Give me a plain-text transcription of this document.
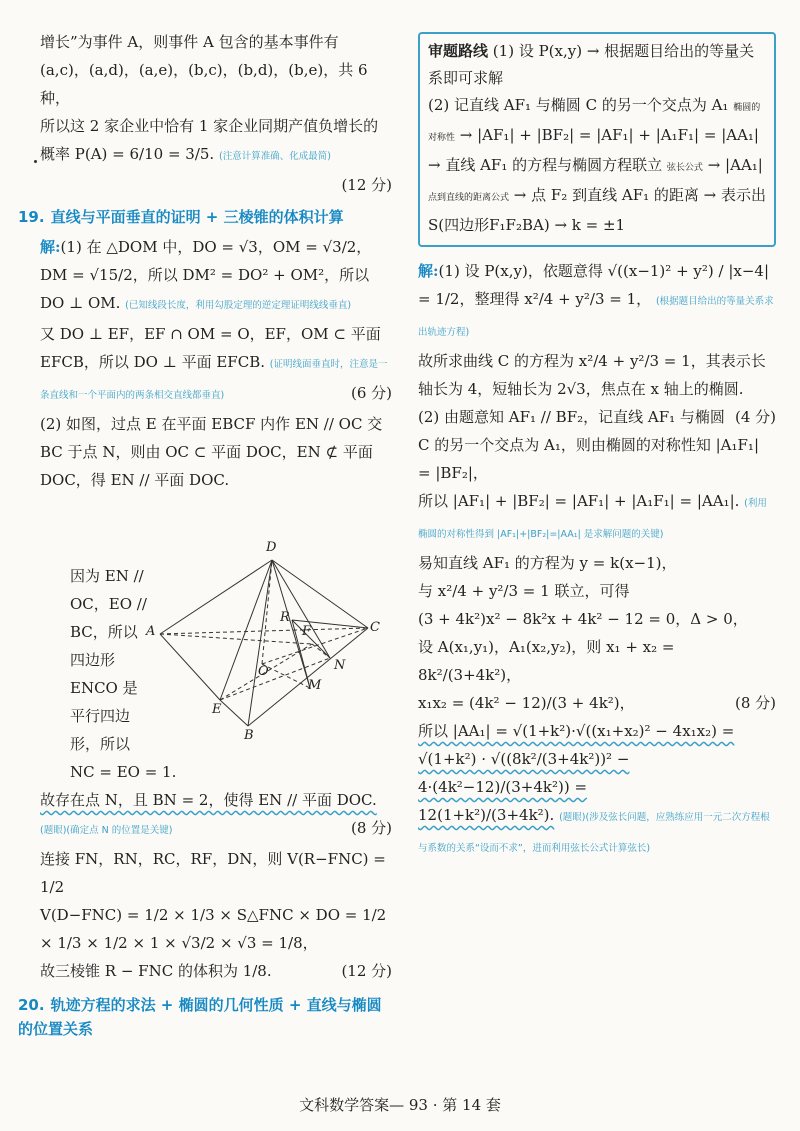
增长”为事件 A，则事件 A 包含的基本事件有 (a,c)，(a,d)，(a,e)，(b,c)，(b,d)，(b,e)，共 6 种，

所以这 2 家企业中恰有 1 家企业同期产值负增长的概率 P(A) = 6/10 = 3/5. (注意计算准确、化成最简)

(12 分)

19. 直线与平面垂直的证明 + 三棱锥的体积计算

解:(1) 在 △DOM 中，DO = √3，OM = √3/2，

DM = √15/2，所以 DM² = DO² + OM²，所以 DO ⊥ OM. (已知线段长度，利用勾股定理的逆定理证明线线垂直)

又 DO ⊥ EF，EF ∩ OM = O，EF，OM ⊂ 平面 EFCB，所以 DO ⊥ 平面 EFCB. (证明线面垂直时，注意是一条直线和一个平面内的两条相交直线都垂直)	(6 分)

(2) 如图，过点 E 在平面 EBCF 内作 EN // OC 交 BC 于点 N，则由 OC ⊂ 平面 DOC，EN ⊄ 平面 DOC，得 EN // 平面 DOC.

因为 EN //
OC，EO //
BC，所以
四边形
ENCO 是
平行四边
形，所以
NC = EO = 1.
D
A	C
R
F
O	N
M
E
B

故存在点 N，且 BN = 2，使得 EN // 平面 DOC.

(题眼)(确定点 N 的位置是关键)	(8 分)

连接 FN，RN，RC，RF，DN，则 V(R−FNC) = 1/2

V(D−FNC) = 1/2 × 1/3 × S△FNC × DO = 1/2 × 1/3 × 1/2 × 1 × √3/2 × √3 = 1/8，

故三棱锥 R − FNC 的体积为 1/8.	(12 分)

20. 轨迹方程的求法 + 椭圆的几何性质 + 直线与椭圆的位置关系
审题路线 (1) 设 P(x,y) → 根据题目给出的等量关系即可求解
(2) 记直线 AF₁ 与椭圆 C 的另一个交点为 A₁ 椭圆的对称性 → |AF₁| + |BF₂| = |AF₁| + |A₁F₁| = |AA₁| → 直线 AF₁ 的方程与椭圆方程联立 弦长公式 → |AA₁| 点到直线的距离公式 → 点 F₂ 到直线 AF₁ 的距离 → 表示出 S(四边形F₁F₂BA) → k = ±1

解:(1) 设 P(x,y)，依题意得 √((x−1)² + y²) / |x−4| = 1/2，整理得 x²/4 + y²/3 = 1， (根据题目给出的等量关系求出轨迹方程)

故所求曲线 C 的方程为 x²/4 + y²/3 = 1，其表示长轴长为 4，短轴长为 2√3，焦点在 x 轴上的椭圆.
(4 分)

(2) 由题意知 AF₁ // BF₂，记直线 AF₁ 与椭圆 C 的另一个交点为 A₁，则由椭圆的对称性知 |A₁F₁| = |BF₂|，

所以 |AF₁| + |BF₂| = |AF₁| + |A₁F₁| = |AA₁|. (利用椭圆的对称性得到 |AF₁|+|BF₂|=|AA₁| 是求解问题的关键)

易知直线 AF₁ 的方程为 y = k(x−1)，

与 x²/4 + y²/3 = 1 联立，可得

(3 + 4k²)x² − 8k²x + 4k² − 12 = 0，Δ > 0，

设 A(x₁,y₁)，A₁(x₂,y₂)，则 x₁ + x₂ = 8k²/(3+4k²)，

x₁x₂ = (4k² − 12)/(3 + 4k²)，	(8 分)

所以 |AA₁| = √(1+k²)·√((x₁+x₂)² − 4x₁x₂) =

√(1+k²) · √((8k²/(3+4k²))² − 4·(4k²−12)/(3+4k²)) =

12(1+k²)/(3+4k²). (题眼)(涉及弦长问题，应熟练应用一元二次方程根与系数的关系“设而不求”，进而利用弦长公式计算弦长)

文科数学答案— 93 · 第 14 套
